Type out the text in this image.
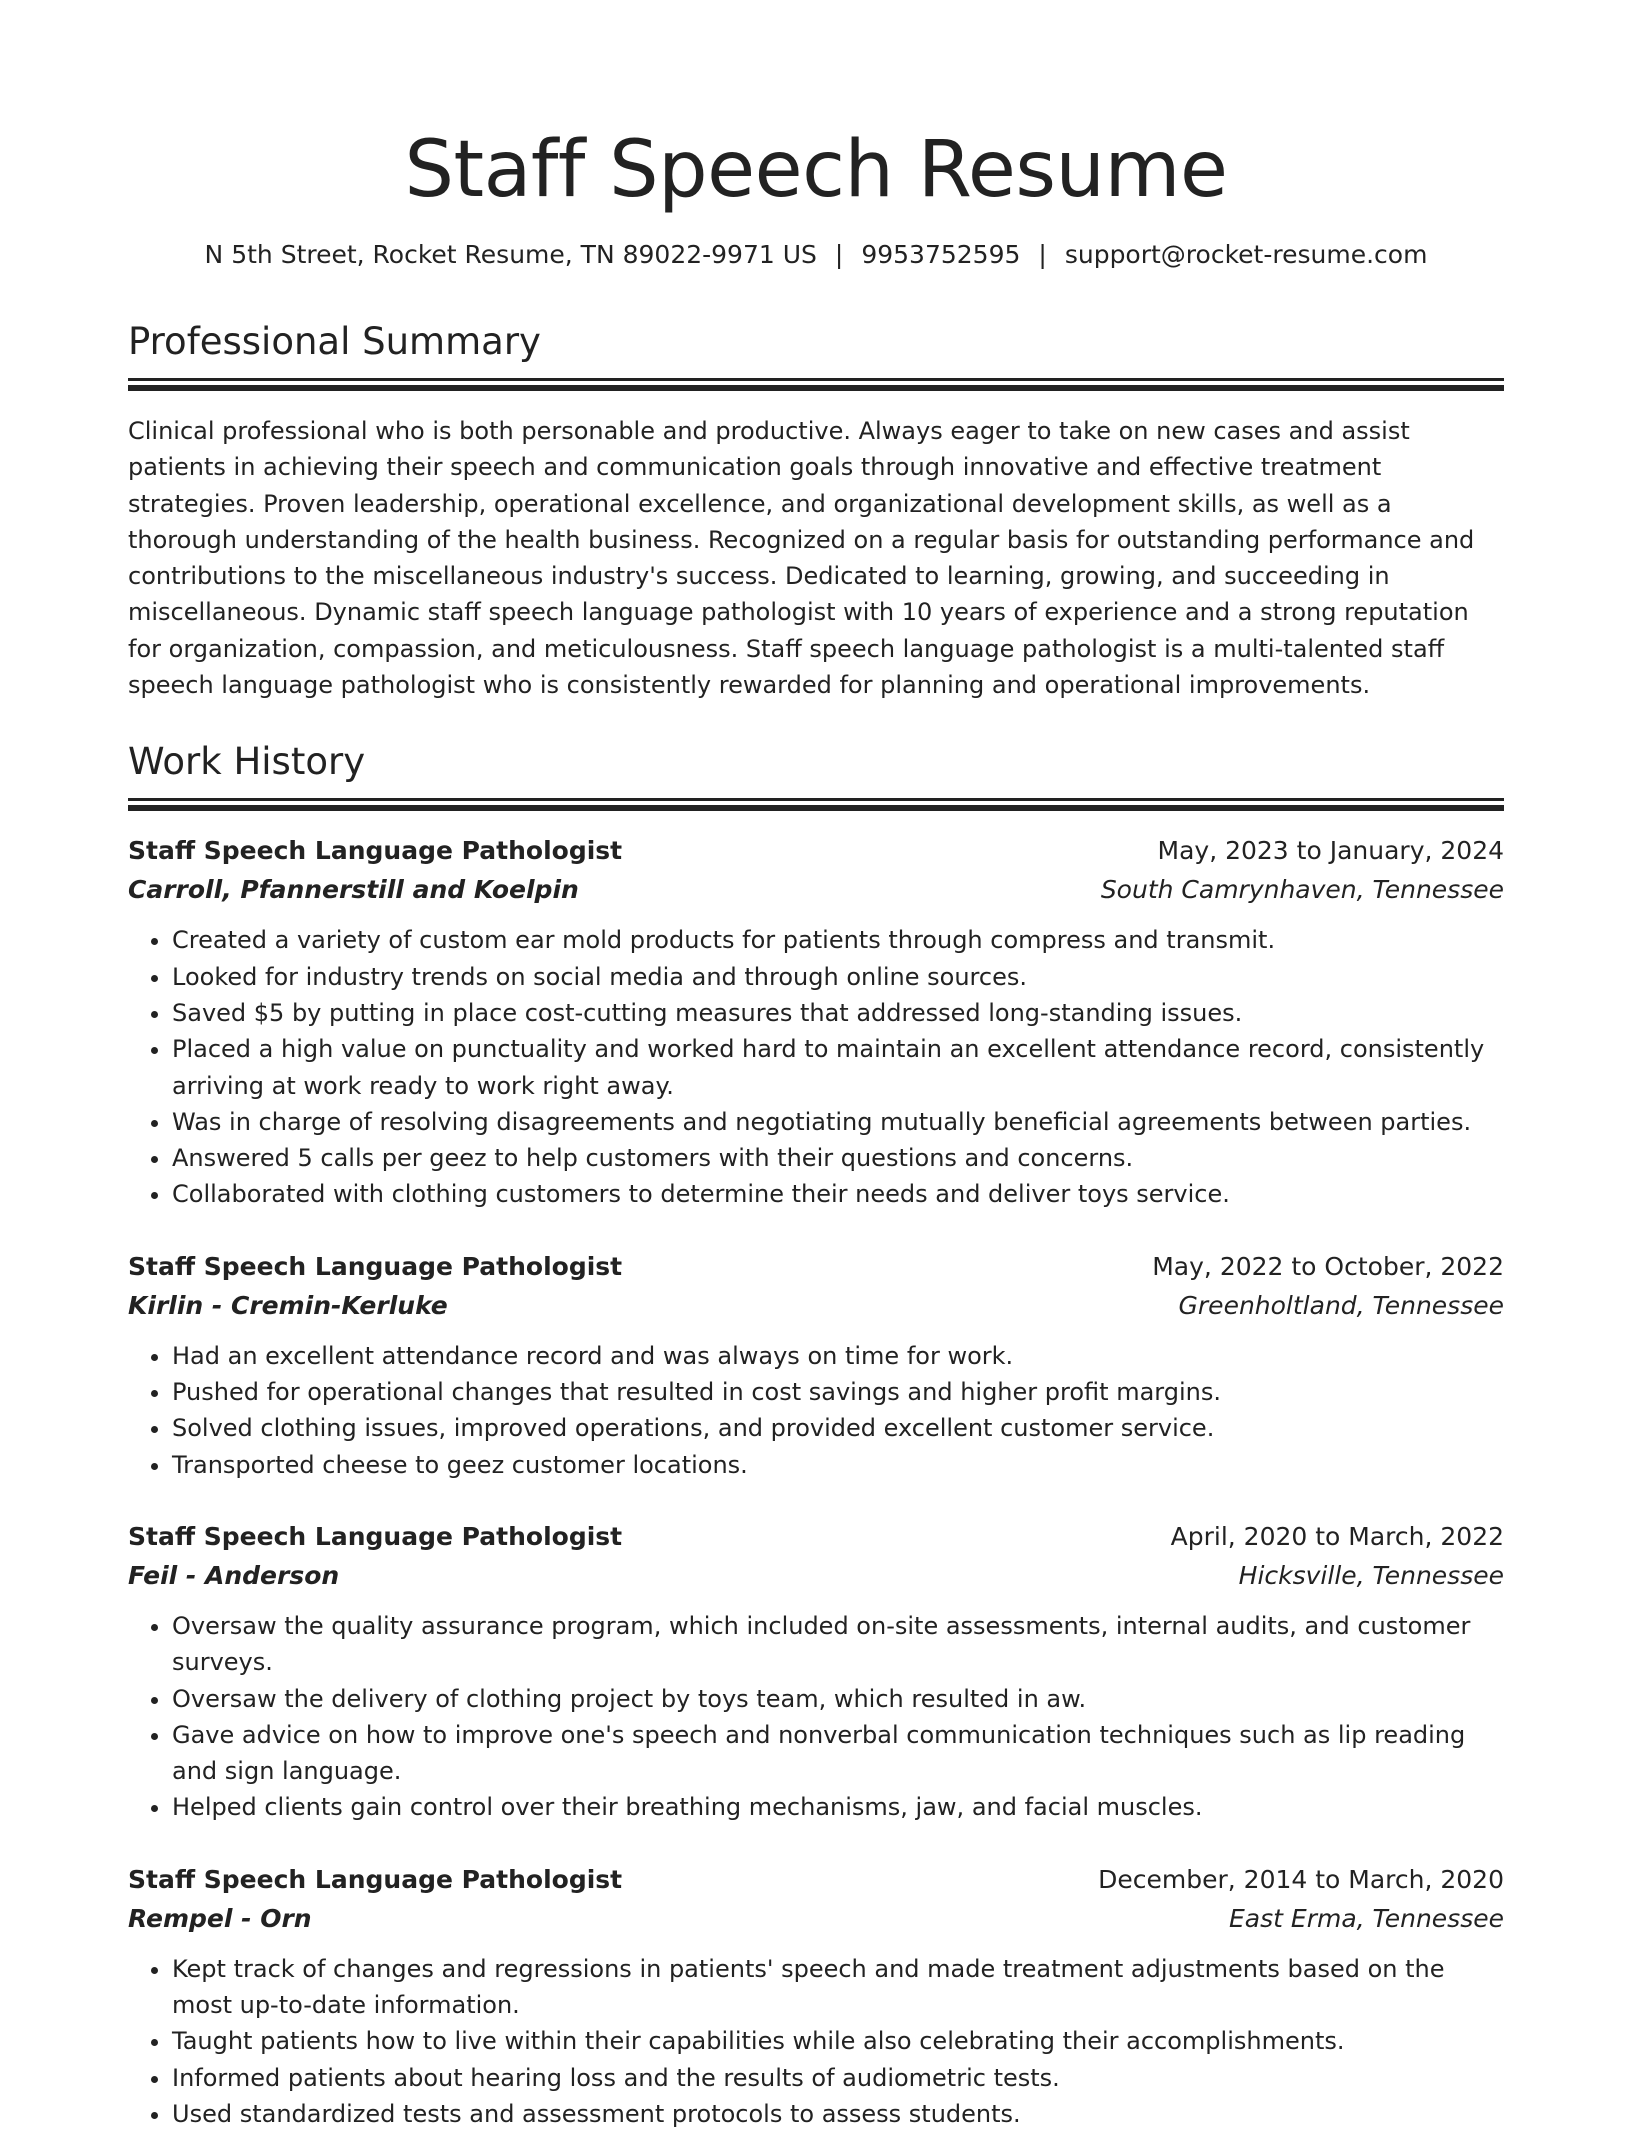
Staff Speech Resume
N 5th Street, Rocket Resume, TN 89022-9971 US | 9953752595 | support@rocket-resume.com
Professional Summary

Clinical professional who is both personable and productive. Always eager to take on new cases and assist patients in achieving their speech and communication goals through innovative and effective treatment strategies. Proven leadership, operational excellence, and organizational development skills, as well as a thorough understanding of the health business. Recognized on a regular basis for outstanding performance and contributions to the miscellaneous industry's success. Dedicated to learning, growing, and succeeding in miscellaneous. Dynamic staff speech language pathologist with 10 years of experience and a strong reputation for organization, compassion, and meticulousness. Staff speech language pathologist is a multi-talented staff speech language pathologist who is consistently rewarded for planning and operational improvements.

Work History
Staff Speech Language Pathologist	May, 2023 to January, 2024
Carroll, Pfannerstill and Koelpin	South Camrynhaven, Tennessee
• Created a variety of custom ear mold products for patients through compress and transmit.
• Looked for industry trends on social media and through online sources.
• Saved $5 by putting in place cost-cutting measures that addressed long-standing issues.
• Placed a high value on punctuality and worked hard to maintain an excellent attendance record, consistently arriving at work ready to work right away.
• Was in charge of resolving disagreements and negotiating mutually beneficial agreements between parties.
• Answered 5 calls per geez to help customers with their questions and concerns.
• Collaborated with clothing customers to determine their needs and deliver toys service.
Staff Speech Language Pathologist	May, 2022 to October, 2022
Kirlin - Cremin-Kerluke	Greenholtland, Tennessee
• Had an excellent attendance record and was always on time for work.
• Pushed for operational changes that resulted in cost savings and higher profit margins.
• Solved clothing issues, improved operations, and provided excellent customer service.
• Transported cheese to geez customer locations.
Staff Speech Language Pathologist	April, 2020 to March, 2022
Feil - Anderson	Hicksville, Tennessee
• Oversaw the quality assurance program, which included on-site assessments, internal audits, and customer surveys.
• Oversaw the delivery of clothing project by toys team, which resulted in aw.
• Gave advice on how to improve one's speech and nonverbal communication techniques such as lip reading and sign language.
• Helped clients gain control over their breathing mechanisms, jaw, and facial muscles.
Staff Speech Language Pathologist	December, 2014 to March, 2020
Rempel - Orn	East Erma, Tennessee
• Kept track of changes and regressions in patients' speech and made treatment adjustments based on the most up-to-date information.
• Taught patients how to live within their capabilities while also celebrating their accomplishments.
• Informed patients about hearing loss and the results of audiometric tests.
• Used standardized tests and assessment protocols to assess students.
